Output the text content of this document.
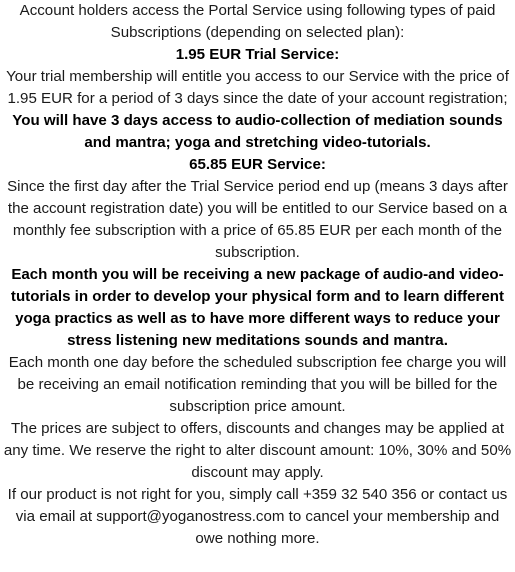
Account holders access the Portal Service using following types of paid Subscriptions (depending on selected plan):

1.95 EUR Trial Service:

Your trial membership will entitle you access to our Service with the price of 1.95 EUR for a period of 3 days since the date of your account registration;

You will have 3 days access to audio-collection of mediation sounds and mantra; yoga and stretching video-tutorials.

65.85 EUR Service:

Since the first day after the Trial Service period end up (means 3 days after the account registration date) you will be entitled to our Service based on a monthly fee subscription with a price of 65.85 EUR per each month of the subscription.

Each month you will be receiving a new package of audio-and video-tutorials in order to develop your physical form and to learn different yoga practics as well as to have more different ways to reduce your stress listening new meditations sounds and mantra.

Each month one day before the scheduled subscription fee charge you will be receiving an email notification reminding that you will be billed for the subscription price amount.

The prices are subject to offers, discounts and changes may be applied at any time. We reserve the right to alter discount amount: 10%, 30% and 50% discount may apply.

If our product is not right for you, simply call +359 32 540 356 or contact us via email at support@yoganostress.com to cancel your membership and owe nothing more.
